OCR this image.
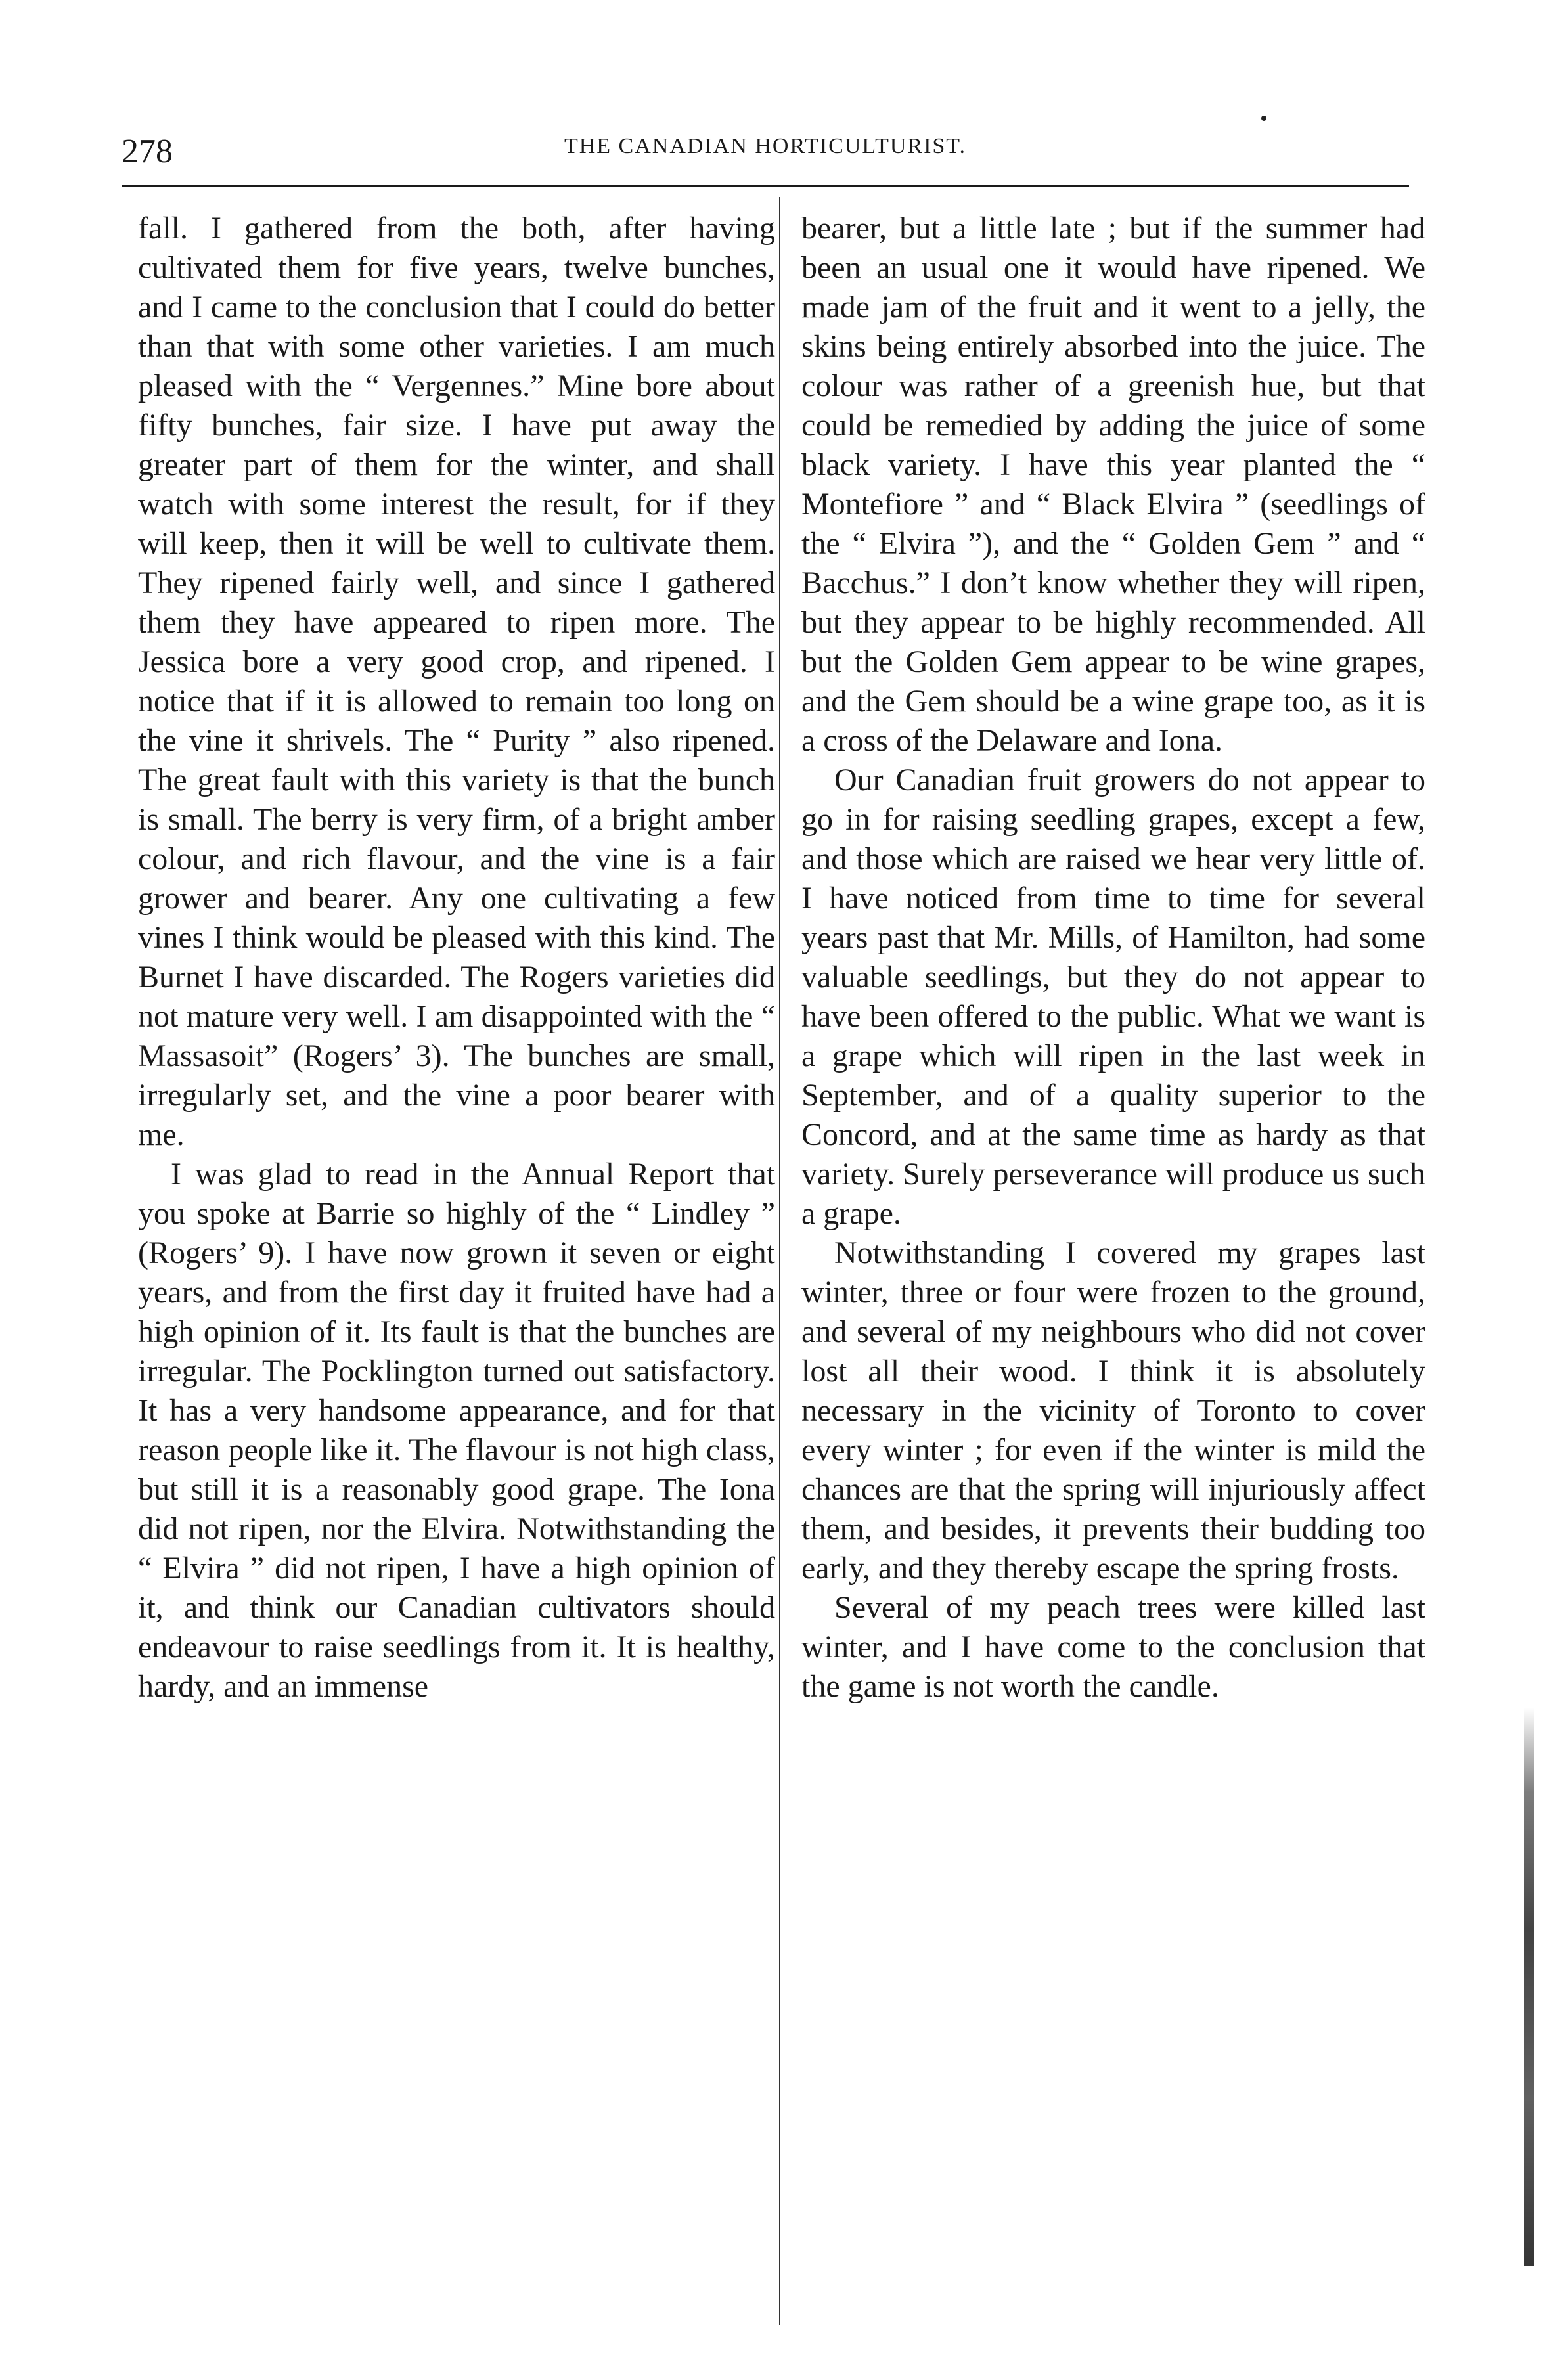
278	THE CANADIAN HORTICULTURIST.

fall. I gathered from the both, after having cultivated them for five years, twelve bunches, and I came to the conclusion that I could do better than that with some other varieties. I am much pleased with the “ Vergennes.” Mine bore about fifty bunches, fair size. I have put away the greater part of them for the winter, and shall watch with some interest the result, for if they will keep, then it will be well to cultivate them. They ripened fairly well, and since I gathered them they have appeared to ripen more. The Jessica bore a very good crop, and ripened. I notice that if it is allowed to remain too long on the vine it shrivels. The “ Purity ” also ripened. The great fault with this variety is that the bunch is small. The berry is very firm, of a bright amber colour, and rich flavour, and the vine is a fair grower and bearer. Any one cultivating a few vines I think would be pleased with this kind. The Burnet I have discarded. The Rogers varieties did not mature very well. I am disappointed with the “ Massasoit” (Rogers’ 3). The bunches are small, irregularly set, and the vine a poor bearer with me.

I was glad to read in the Annual Report that you spoke at Barrie so highly of the “ Lindley ” (Rogers’ 9). I have now grown it seven or eight years, and from the first day it fruited have had a high opinion of it. Its fault is that the bunches are irregular. The Pocklington turned out satisfactory. It has a very handsome appearance, and for that reason people like it. The flavour is not high class, but still it is a reasonably good grape. The Iona did not ripen, nor the Elvira. Notwithstanding the “ Elvira ” did not ripen, I have a high opinion of it, and think our Canadian cultivators should endeavour to raise seedlings from it. It is healthy, hardy, and an immense

bearer, but a little late ; but if the summer had been an usual one it would have ripened. We made jam of the fruit and it went to a jelly, the skins being entirely absorbed into the juice. The colour was rather of a greenish hue, but that could be remedied by adding the juice of some black variety. I have this year planted the “ Montefiore ” and “ Black Elvira ” (seedlings of the “ Elvira ”), and the “ Golden Gem ” and “ Bacchus.” I don’t know whether they will ripen, but they appear to be highly recommended. All but the Golden Gem appear to be wine grapes, and the Gem should be a wine grape too, as it is a cross of the Delaware and Iona.

Our Canadian fruit growers do not appear to go in for raising seedling grapes, except a few, and those which are raised we hear very little of. I have noticed from time to time for several years past that Mr. Mills, of Hamilton, had some valuable seedlings, but they do not appear to have been offered to the public. What we want is a grape which will ripen in the last week in September, and of a quality superior to the Concord, and at the same time as hardy as that variety. Surely perseverance will produce us such a grape.

Notwithstanding I covered my grapes last winter, three or four were frozen to the ground, and several of my neighbours who did not cover lost all their wood. I think it is absolutely necessary in the vicinity of Toronto to cover every winter ; for even if the winter is mild the chances are that the spring will injuriously affect them, and besides, it prevents their budding too early, and they thereby escape the spring frosts.

Several of my peach trees were killed last winter, and I have come to the conclusion that the game is not worth the candle.
